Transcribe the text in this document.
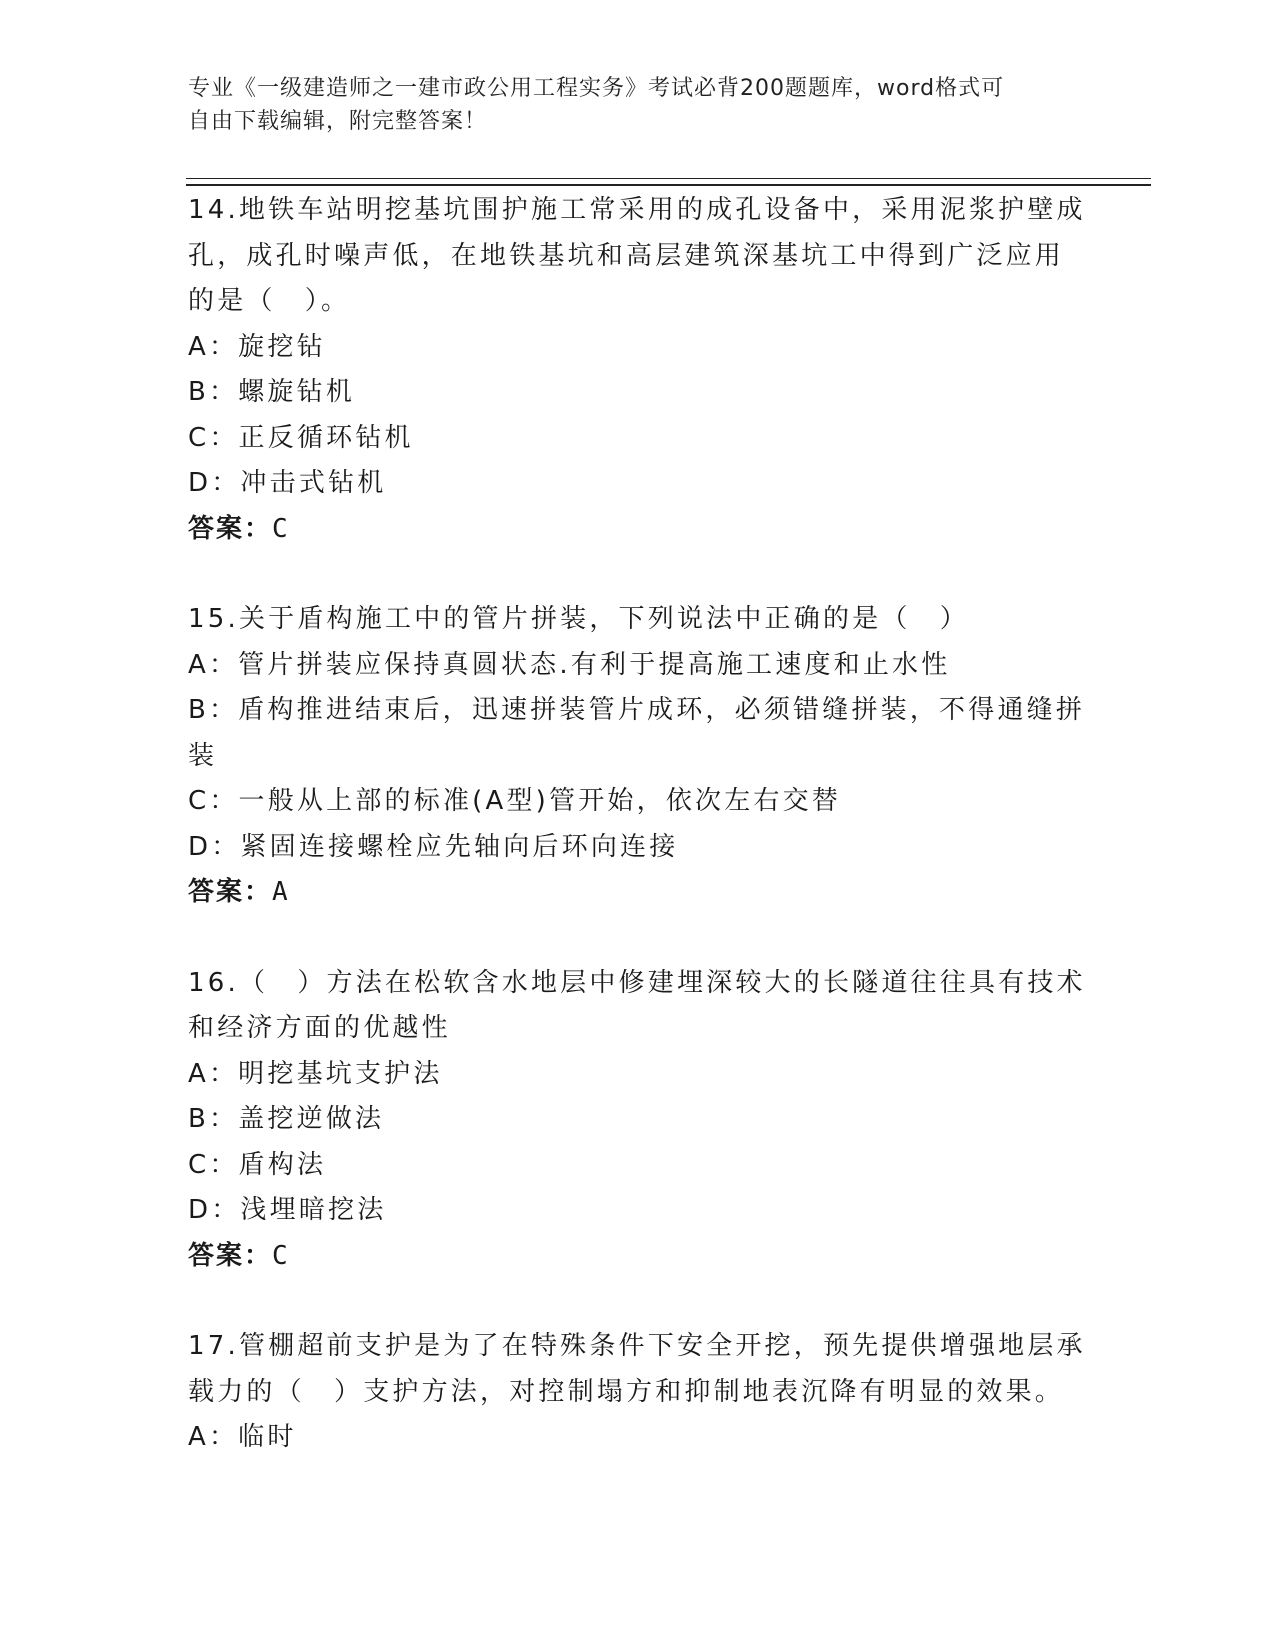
专业《一级建造师之一建市政公用工程实务》考试必背200题题库，word格式可
自由下载编辑，附完整答案！

14.地铁车站明挖基坑围护施工常采用的成孔设备中，采用泥浆护壁成孔，成孔时噪声低，在地铁基坑和高层建筑深基坑工中得到广泛应用的是（　）。

A：旋挖钻

B：螺旋钻机

C：正反循环钻机

D：冲击式钻机

答案：C

15.关于盾构施工中的管片拼装，下列说法中正确的是（　）

A：管片拼装应保持真圆状态.有利于提高施工速度和止水性

B：盾构推进结束后，迅速拼装管片成环，必须错缝拼装，不得通缝拼装

C：一般从上部的标准(A型)管开始，依次左右交替

D：紧固连接螺栓应先轴向后环向连接

答案：A

16.（　）方法在松软含水地层中修建埋深较大的长隧道往往具有技术和经济方面的优越性

A：明挖基坑支护法

B：盖挖逆做法

C：盾构法

D：浅埋暗挖法

答案：C

17.管棚超前支护是为了在特殊条件下安全开挖，预先提供增强地层承载力的（　）支护方法，对控制塌方和抑制地表沉降有明显的效果。

A：临时
